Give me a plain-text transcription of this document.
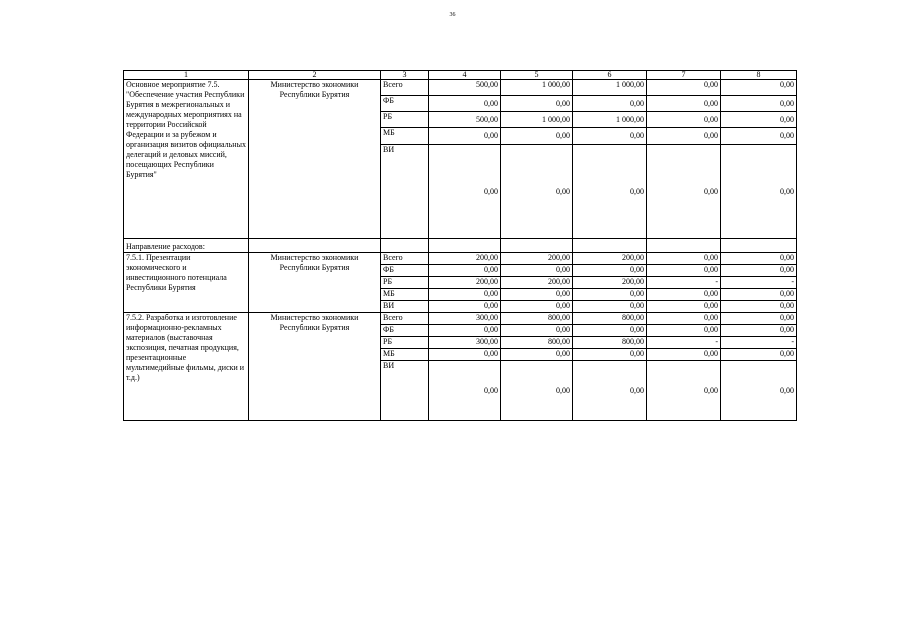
36
1	2	3	4	5	6	7	8
Основное мероприятие 7.5. "Обеспечение участия Республики Бурятия в межрегиональных и международных мероприятиях на территории Российской Федерации и за рубежом и организация визитов официальных делегаций и деловых миссий, посещающих Республики Бурятия"	Министерство экономики Республики Бурятия	Всего	500,00	1 000,00	1 000,00	0,00	0,00
		ФБ	0,00	0,00	0,00	0,00	0,00
		РБ	500,00	1 000,00	1 000,00	0,00	0,00
		МБ	0,00	0,00	0,00	0,00	0,00
		ВИ	0,00	0,00	0,00	0,00	0,00
Направление расходов:							
7.5.1. Презентации экономического и инвестиционного потенциала Республики Бурятия	Министерство экономики Республики Бурятия	Всего	200,00	200,00	200,00	0,00	0,00
		ФБ	0,00	0,00	0,00	0,00	0,00
		РБ	200,00	200,00	200,00	-	-
		МБ	0,00	0,00	0,00	0,00	0,00
		ВИ	0,00	0,00	0,00	0,00	0,00
7.5.2. Разработка и изготовление информационно-рекламных материалов (выставочная экспозиция, печатная продукция, презентационные мультимедийные фильмы, диски и т.д.)	Министерство экономики Республики Бурятия	Всего	300,00	800,00	800,00	0,00	0,00
		ФБ	0,00	0,00	0,00	0,00	0,00
		РБ	300,00	800,00	800,00	-	-
		МБ	0,00	0,00	0,00	0,00	0,00
		ВИ	0,00	0,00	0,00	0,00	0,00
